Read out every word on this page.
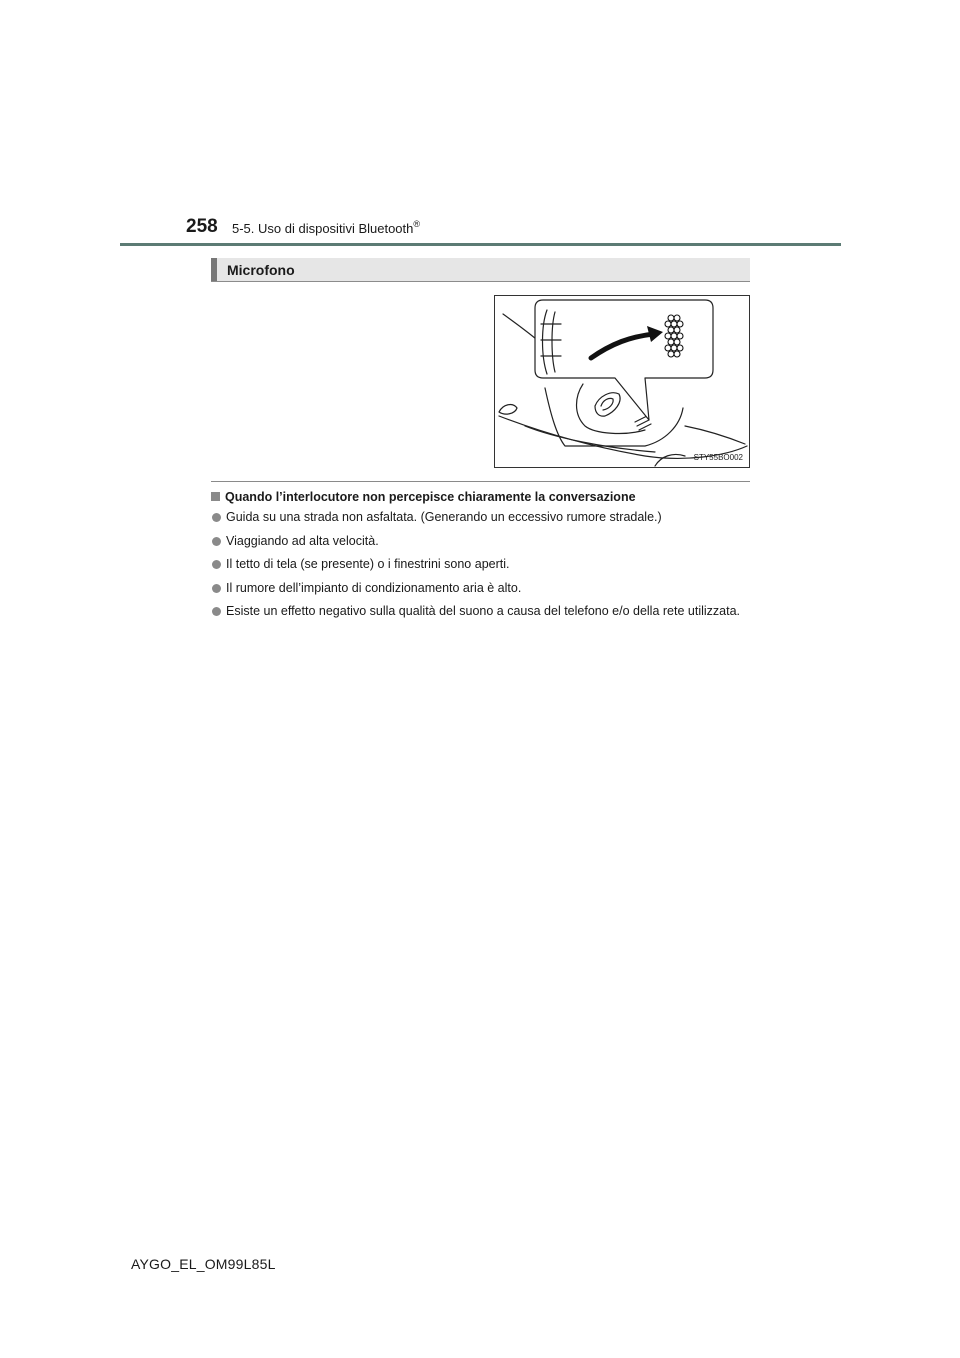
258 5-5. Uso di dispositivi Bluetooth®
Microfono
STY55BO002
Quando l’interlocutore non percepisce chiaramente la conversazione
Guida su una strada non asfaltata. (Generando un eccessivo rumore stradale.)
Viaggiando ad alta velocità.
Il tetto di tela (se presente) o i finestrini sono aperti.
Il rumore dell’impianto di condizionamento aria è alto.
Esiste un effetto negativo sulla qualità del suono a causa del telefono e/o della rete utilizzata.
AYGO_EL_OM99L85L
